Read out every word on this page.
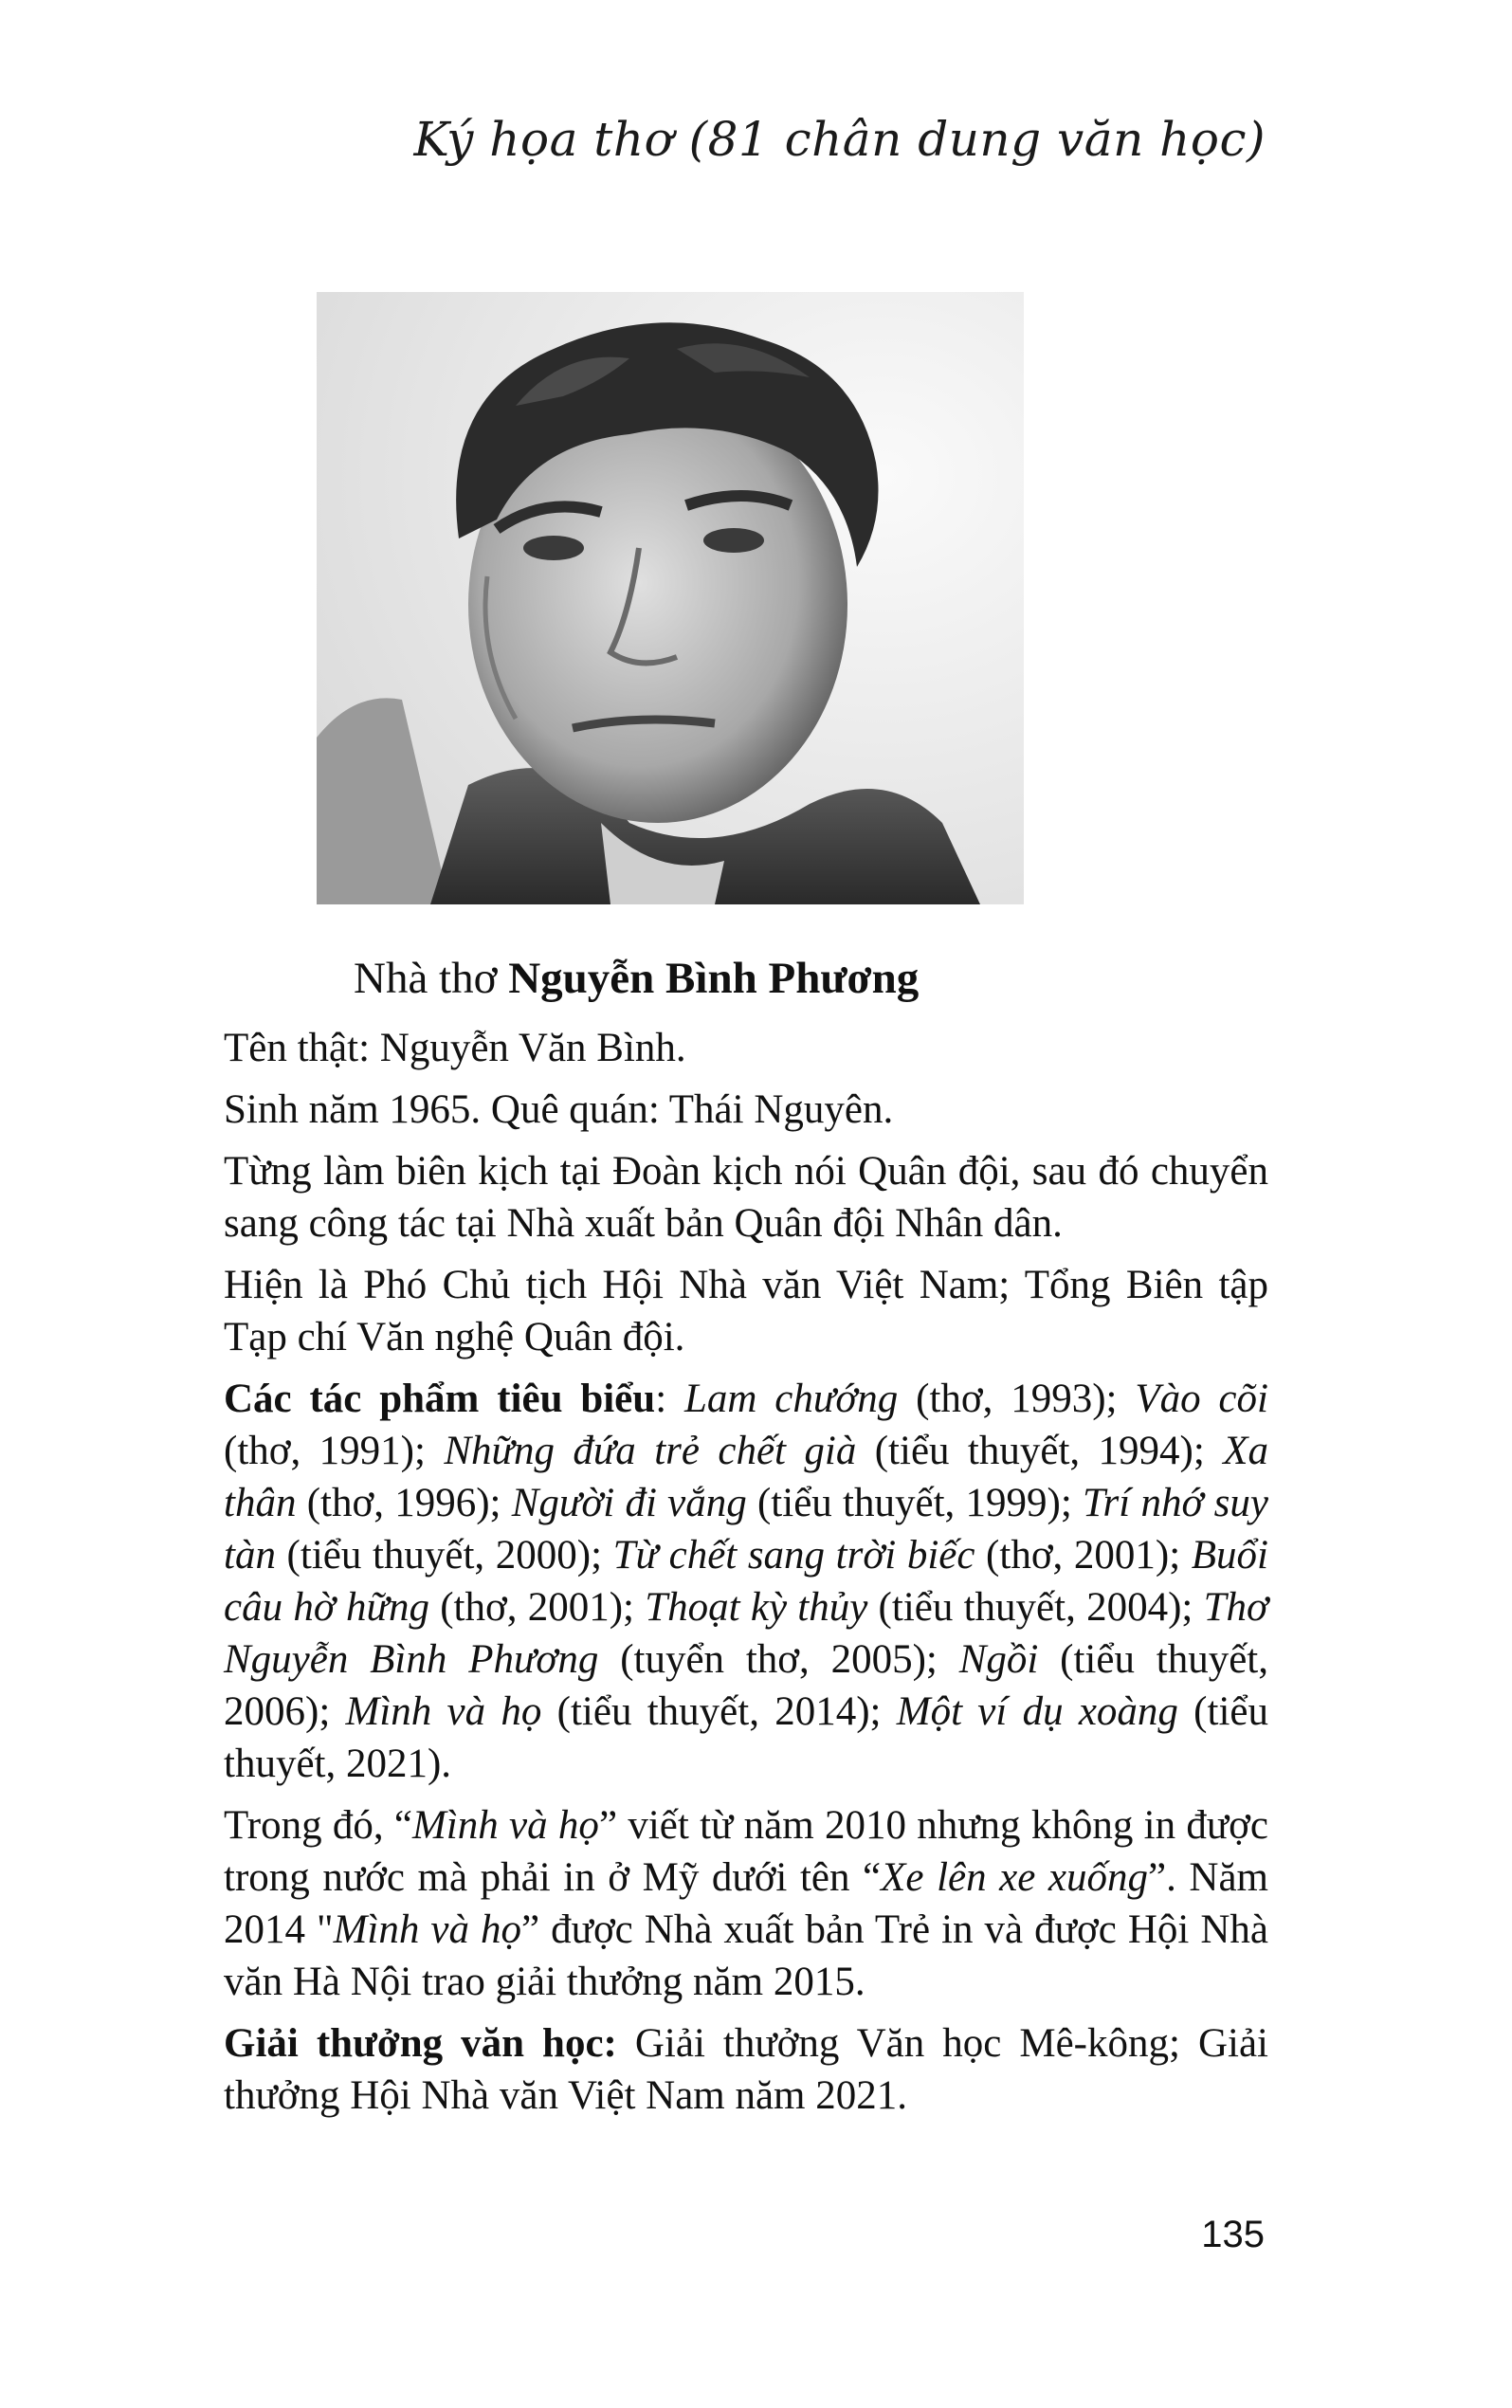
Ký họa thơ (81 chân dung văn học)
Nhà thơ Nguyễn Bình Phương

Tên thật: Nguyễn Văn Bình.

Sinh năm 1965. Quê quán: Thái Nguyên.

Từng làm biên kịch tại Đoàn kịch nói Quân đội, sau đó chuyển sang công tác tại Nhà xuất bản Quân đội Nhân dân.

Hiện là Phó Chủ tịch Hội Nhà văn Việt Nam; Tổng Biên tập Tạp chí Văn nghệ Quân đội.

Các tác phẩm tiêu biểu: Lam chướng (thơ, 1993); Vào cõi (thơ, 1991); Những đứa trẻ chết già (tiểu thuyết, 1994); Xa thân (thơ, 1996); Người đi vắng (tiểu thuyết, 1999); Trí nhớ suy tàn (tiểu thuyết, 2000); Từ chết sang trời biếc (thơ, 2001); Buổi câu hờ hững (thơ, 2001); Thoạt kỳ thủy (tiểu thuyết, 2004); Thơ Nguyễn Bình Phương (tuyển thơ, 2005); Ngồi (tiểu thuyết, 2006); Mình và họ (tiểu thuyết, 2014); Một ví dụ xoàng (tiểu thuyết, 2021).

Trong đó, “Mình và họ” viết từ năm 2010 nhưng không in được trong nước mà phải in ở Mỹ dưới tên “Xe lên xe xuống”. Năm 2014 "Mình và họ” được Nhà xuất bản Trẻ in và được Hội Nhà văn Hà Nội trao giải thưởng năm 2015.

Giải thưởng văn học: Giải thưởng Văn học Mê-kông; Giải thưởng Hội Nhà văn Việt Nam năm 2021.

135
